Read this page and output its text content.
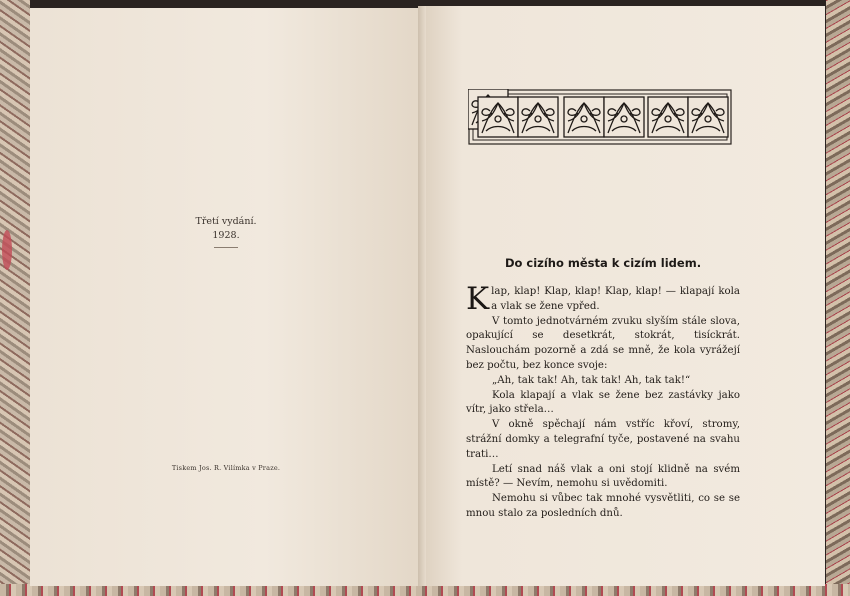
Třetí vydání.
1928.
Tiskem Jos. R. Vilímka v Praze.
Do cizího města k cizím lidem.

Klap, klap! Klap, klap! Klap, klap! — klapají kola a vlak se žene vpřed.

V tomto jednotvárném zvuku slyším stále slova, opakující se desetkrát, stokrát, tisíckrát. Naslouchám pozorně a zdá se mně, že kola vyrážejí bez počtu, bez konce svoje:

„Ah, tak tak! Ah, tak tak! Ah, tak tak!“

Kola klapají a vlak se žene bez zastávky jako vítr, jako střela…

V okně spěchají nám vstříc křoví, stromy, strážní domky a telegrafní tyče, postavené na svahu trati…

Letí snad náš vlak a oni stojí klidně na svém místě? — Nevím, nemohu si uvědomiti.

Nemohu si vůbec tak mnohé vysvětliti, co se se mnou stalo za posledních dnů.
